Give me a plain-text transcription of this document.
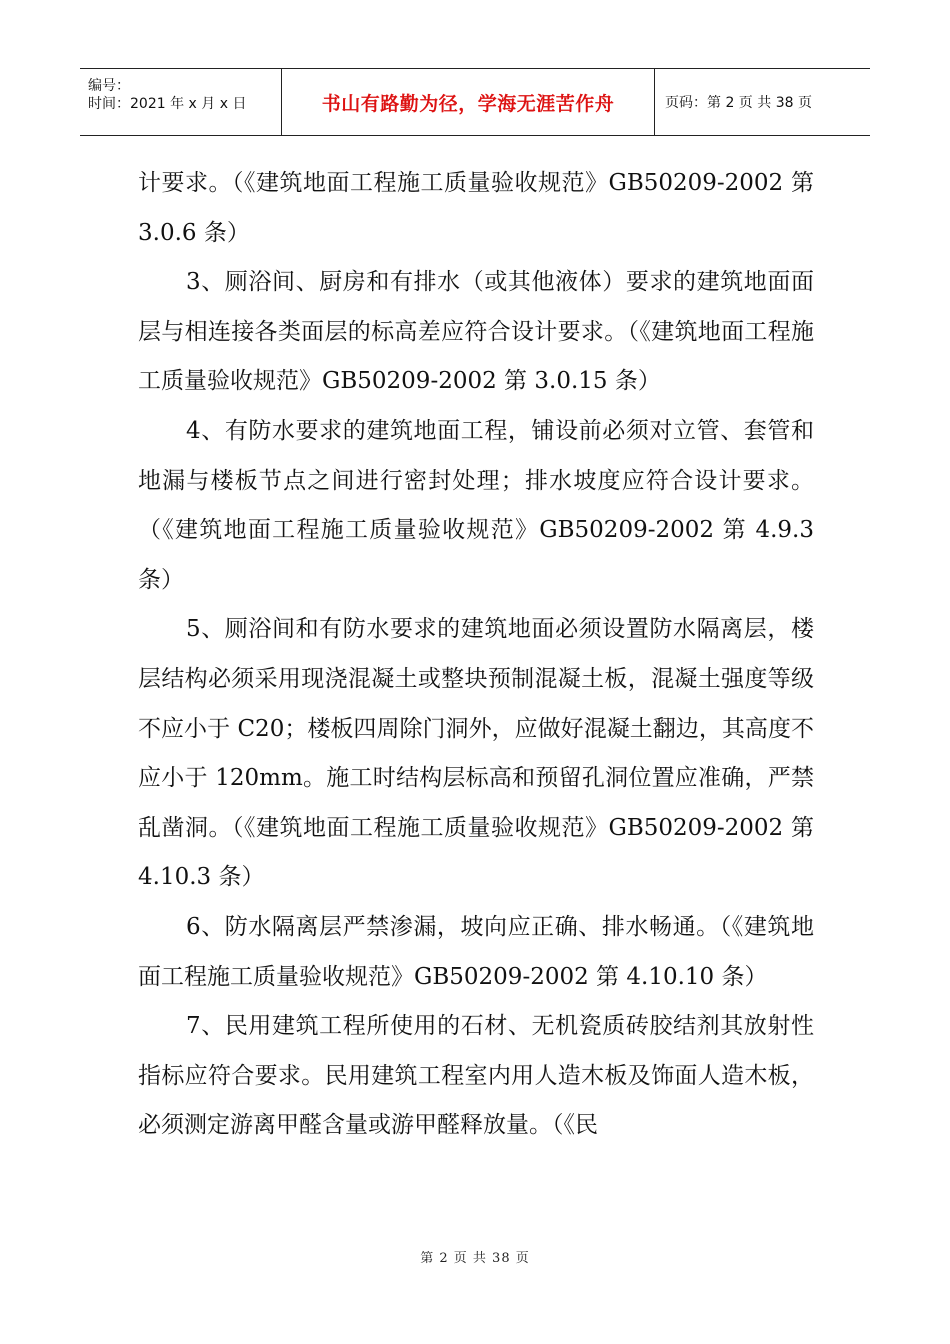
编号：
时间：2021 年 x 月 x 日	书山有路勤为径，学海无涯苦作舟	页码：第 2 页 共 38 页

计要求。（《建筑地面工程施工质量验收规范》GB50209-2002 第 3.0.6 条）

3、厕浴间、厨房和有排水（或其他液体）要求的建筑地面面层与相连接各类面层的标高差应符合设计要求。（《建筑地面工程施工质量验收规范》GB50209-2002 第 3.0.15 条）

4、有防水要求的建筑地面工程，铺设前必须对立管、套管和地漏与楼板节点之间进行密封处理；排水坡度应符合设计要求。（《建筑地面工程施工质量验收规范》GB50209-2002 第 4.9.3 条）

5、厕浴间和有防水要求的建筑地面必须设置防水隔离层，楼层结构必须采用现浇混凝土或整块预制混凝土板，混凝土强度等级不应小于 C20；楼板四周除门洞外，应做好混凝土翻边，其高度不应小于 120mm。施工时结构层标高和预留孔洞位置应准确，严禁乱凿洞。（《建筑地面工程施工质量验收规范》GB50209-2002 第 4.10.3 条）

6、防水隔离层严禁渗漏，坡向应正确、排水畅通。（《建筑地面工程施工质量验收规范》GB50209-2002 第 4.10.10 条）

7、民用建筑工程所使用的石材、无机瓷质砖胶结剂其放射性指标应符合要求。民用建筑工程室内用人造木板及饰面人造木板，必须测定游离甲醛含量或游甲醛释放量。（《民

第 2 页 共 38 页
